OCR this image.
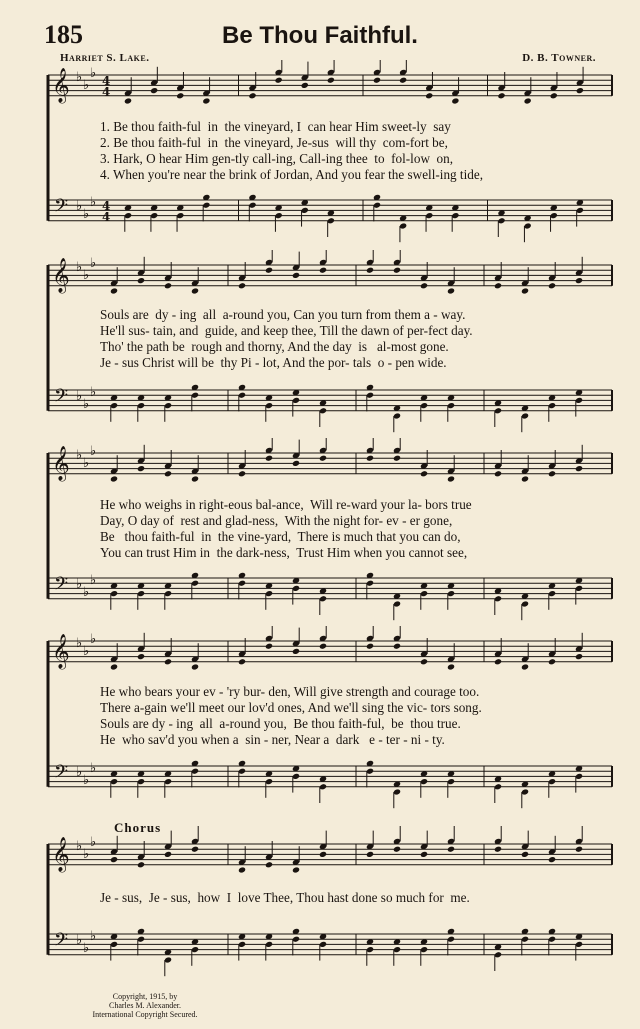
185	Be Thou Faithful.
Harriet S. Lake.	D. B. Towner.
𝄞
𝄢
♭
♭
♭
♭
♭
♭
4
4
4
4
1. Be thou faith-ful  in  the vineyard, I  can hear Him sweet-ly  say
2. Be thou faith-ful  in  the vineyard, Je-sus  will thy  com-fort be,
3. Hark, O hear Him gen-tly call-ing, Call-ing thee  to  fol-low  on,
4. When you're near the brink of Jordan, And you fear the swell-ing tide,
𝄞
𝄢
♭
♭
♭
♭
♭
♭
Souls are  dy - ing  all  a-round you, Can you turn from them a - way.
He'll sus- tain, and  guide, and keep thee, Till the dawn of per-fect day.
Tho' the path be  rough and thorny, And the day  is   al-most gone.
Je - sus Christ will be  thy Pi - lot, And the por- tals  o - pen wide.
𝄞
𝄢
♭
♭
♭
♭
♭
♭
He who weighs in right-eous bal-ance,  Will re-ward your la- bors true
Day, O day of  rest and glad-ness,  With the night for- ev - er gone,
Be   thou faith-ful  in  the vine-yard,  There is much that you can do,
You can trust Him in  the dark-ness,  Trust Him when you cannot see,
𝄞
𝄢
♭
♭
♭
♭
♭
♭
He who bears your ev - 'ry bur- den, Will give strength and courage too.
There a-gain we'll meet our lov'd ones, And we'll sing the vic- tors song.
Souls are dy - ing  all  a-round you,  Be thou faith-ful,  be  thou true.
He  who sav'd you when a  sin - ner, Near a  dark   e - ter - ni - ty.
Chorus
𝄞
𝄢
♭
♭
♭
♭
♭
♭
Je - sus,  Je - sus,  how  I  love Thee, Thou hast done so much for  me.
Copyright, 1915, by
Charles M. Alexander.
International Copyright Secured.
